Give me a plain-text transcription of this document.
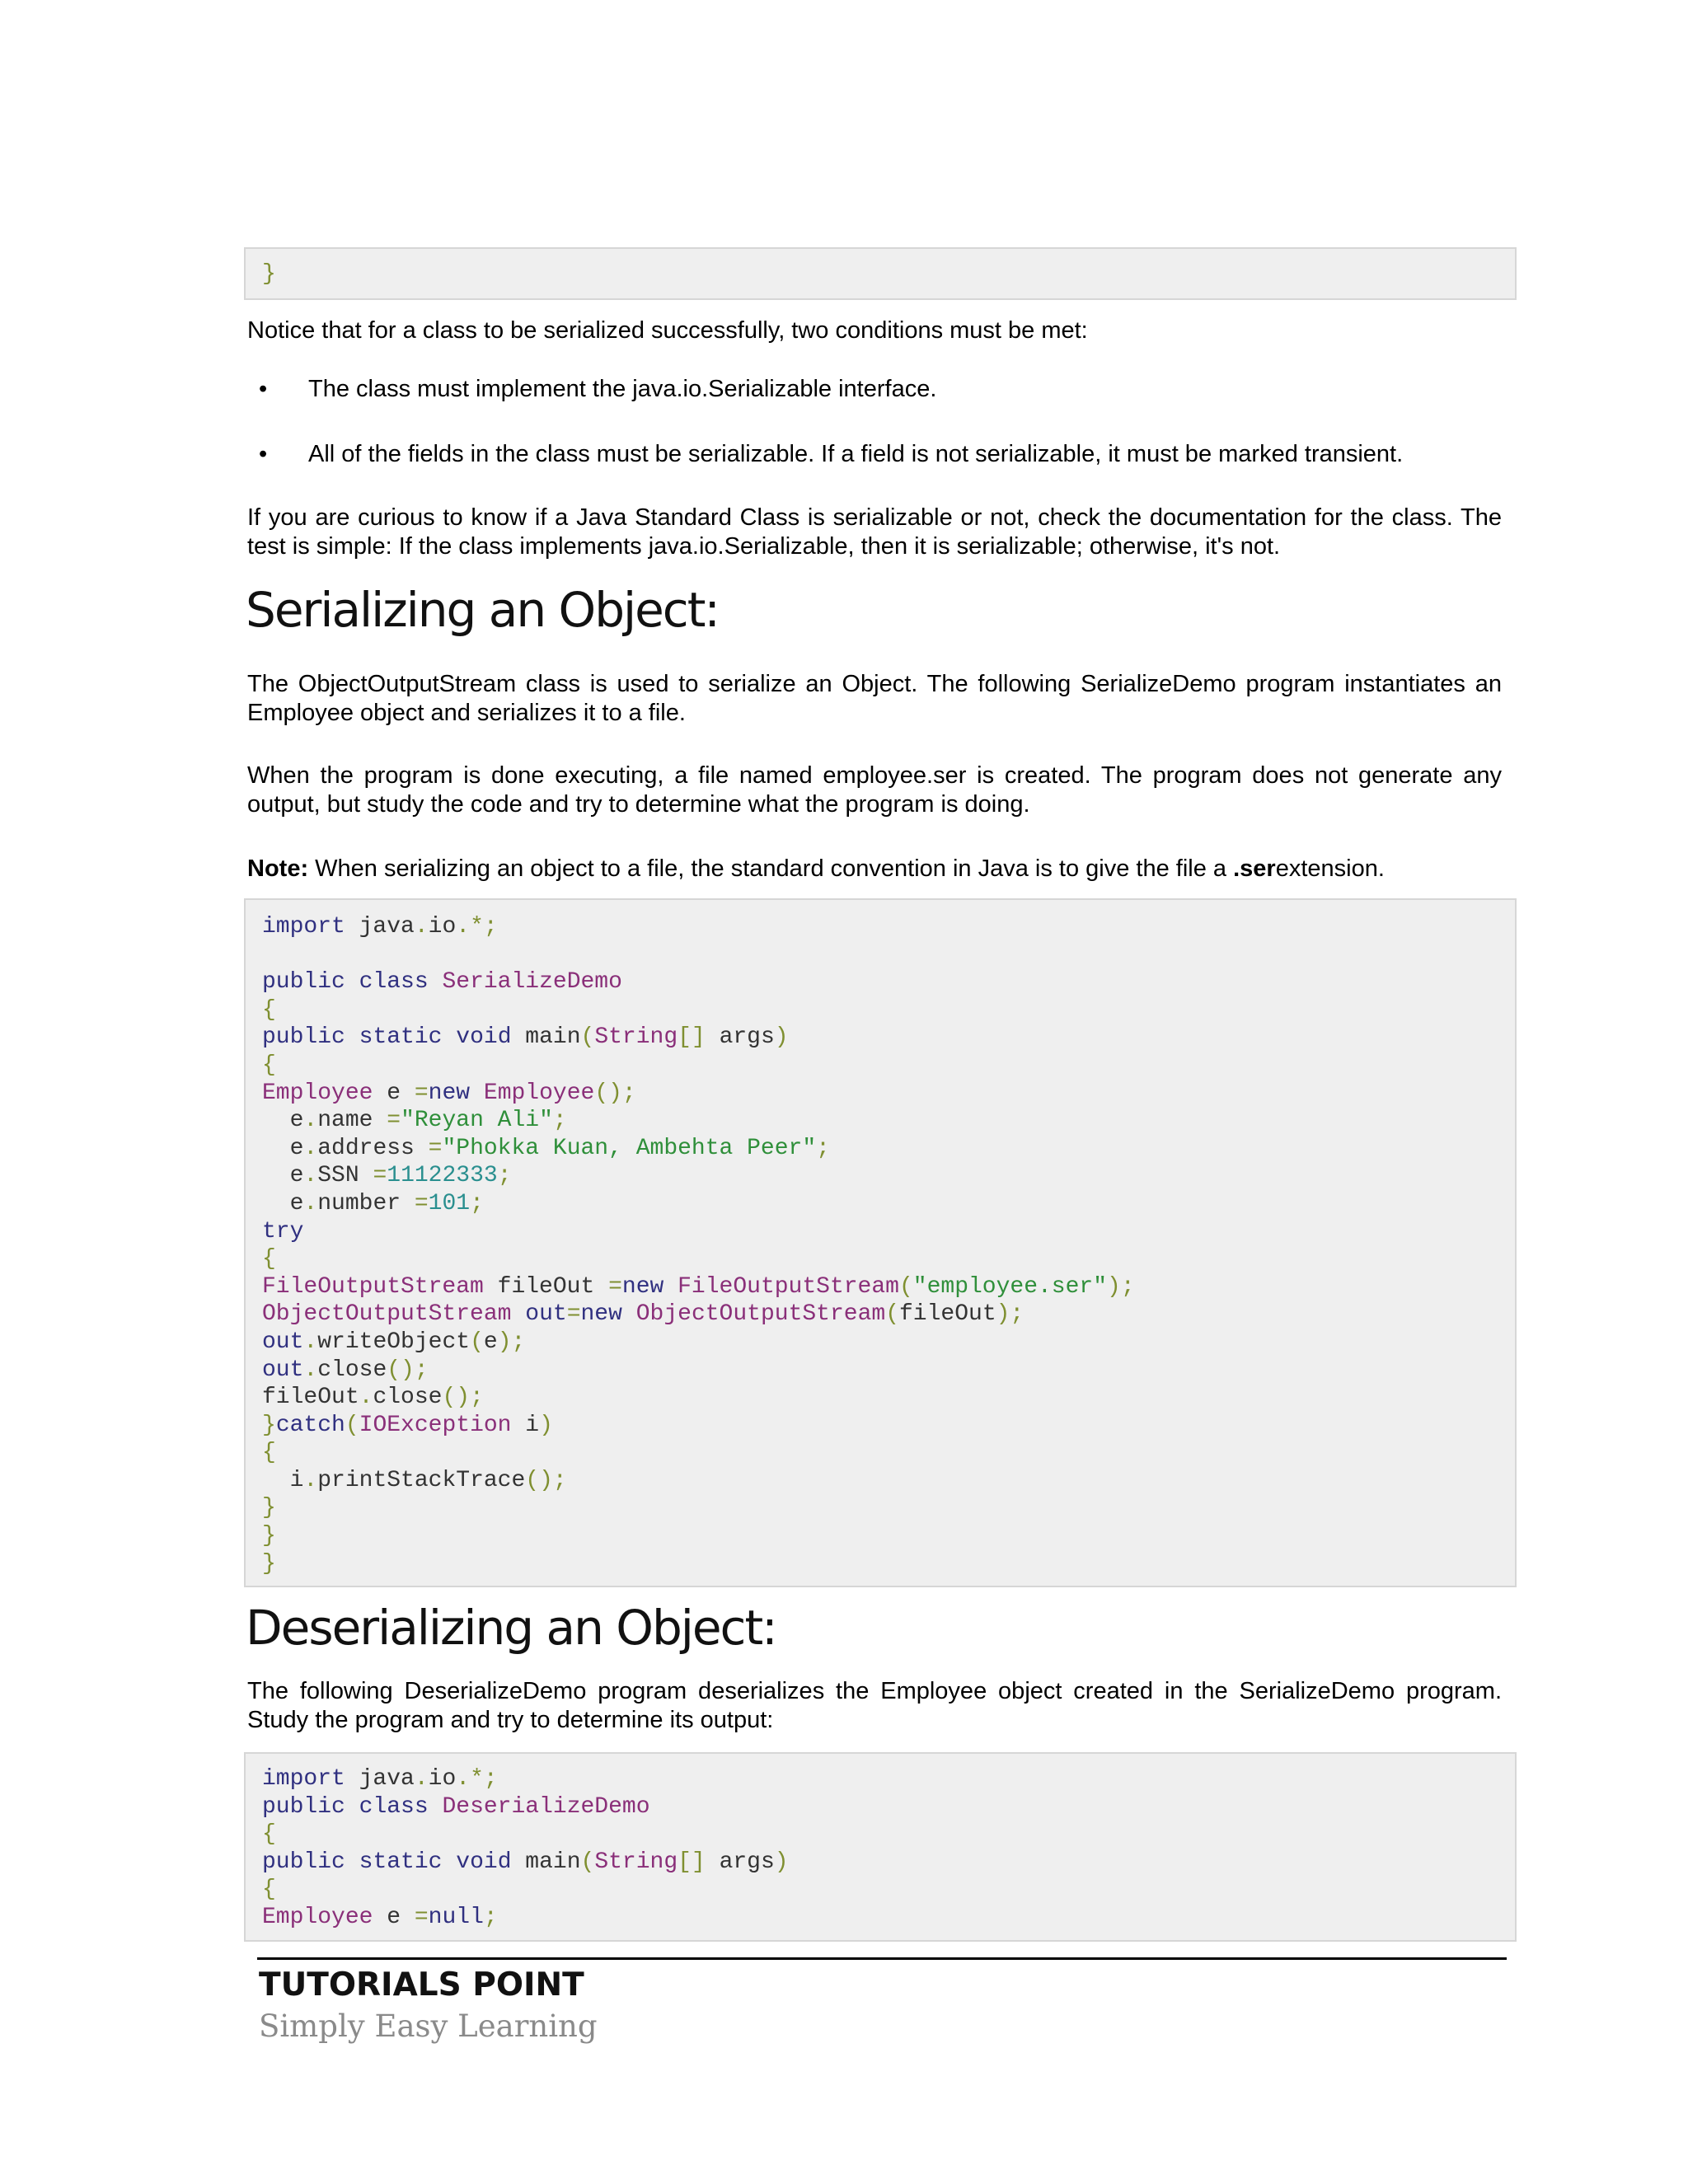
}
Notice that for a class to be serialized successfully, two conditions must be met:
• The class must implement the java.io.Serializable interface.
• All of the fields in the class must be serializable. If a field is not serializable, it must be marked transient.
If you are curious to know if a Java Standard Class is serializable or not, check the documentation for the class. The test is simple: If the class implements java.io.Serializable, then it is serializable; otherwise, it's not.
Serializing an Object:
The ObjectOutputStream class is used to serialize an Object. The following SerializeDemo program instantiates an Employee object and serializes it to a file.
When the program is done executing, a file named employee.ser is created. The program does not generate any output, but study the code and try to determine what the program is doing.
Note: When serializing an object to a file, the standard convention in Java is to give the file a .serextension.
import java.io.*;
public class SerializeDemo
{
public static void main(String[] args)
{
Employee e =new Employee();
e.name ="Reyan Ali";
e.address ="Phokka Kuan, Ambehta Peer";
e.SSN =11122333;
e.number =101;
try
{
FileOutputStream fileOut =new FileOutputStream("employee.ser");
ObjectOutputStream out=new ObjectOutputStream(fileOut);
out.writeObject(e);
out.close();
fileOut.close();
}catch(IOException i)
{
i.printStackTrace();
}
}
}
Deserializing an Object:
The following DeserializeDemo program deserializes the Employee object created in the SerializeDemo program. Study the program and try to determine its output:
import java.io.*;
public class DeserializeDemo
{
public static void main(String[] args)
{
Employee e =null;
TUTORIALS POINT
Simply Easy Learning
